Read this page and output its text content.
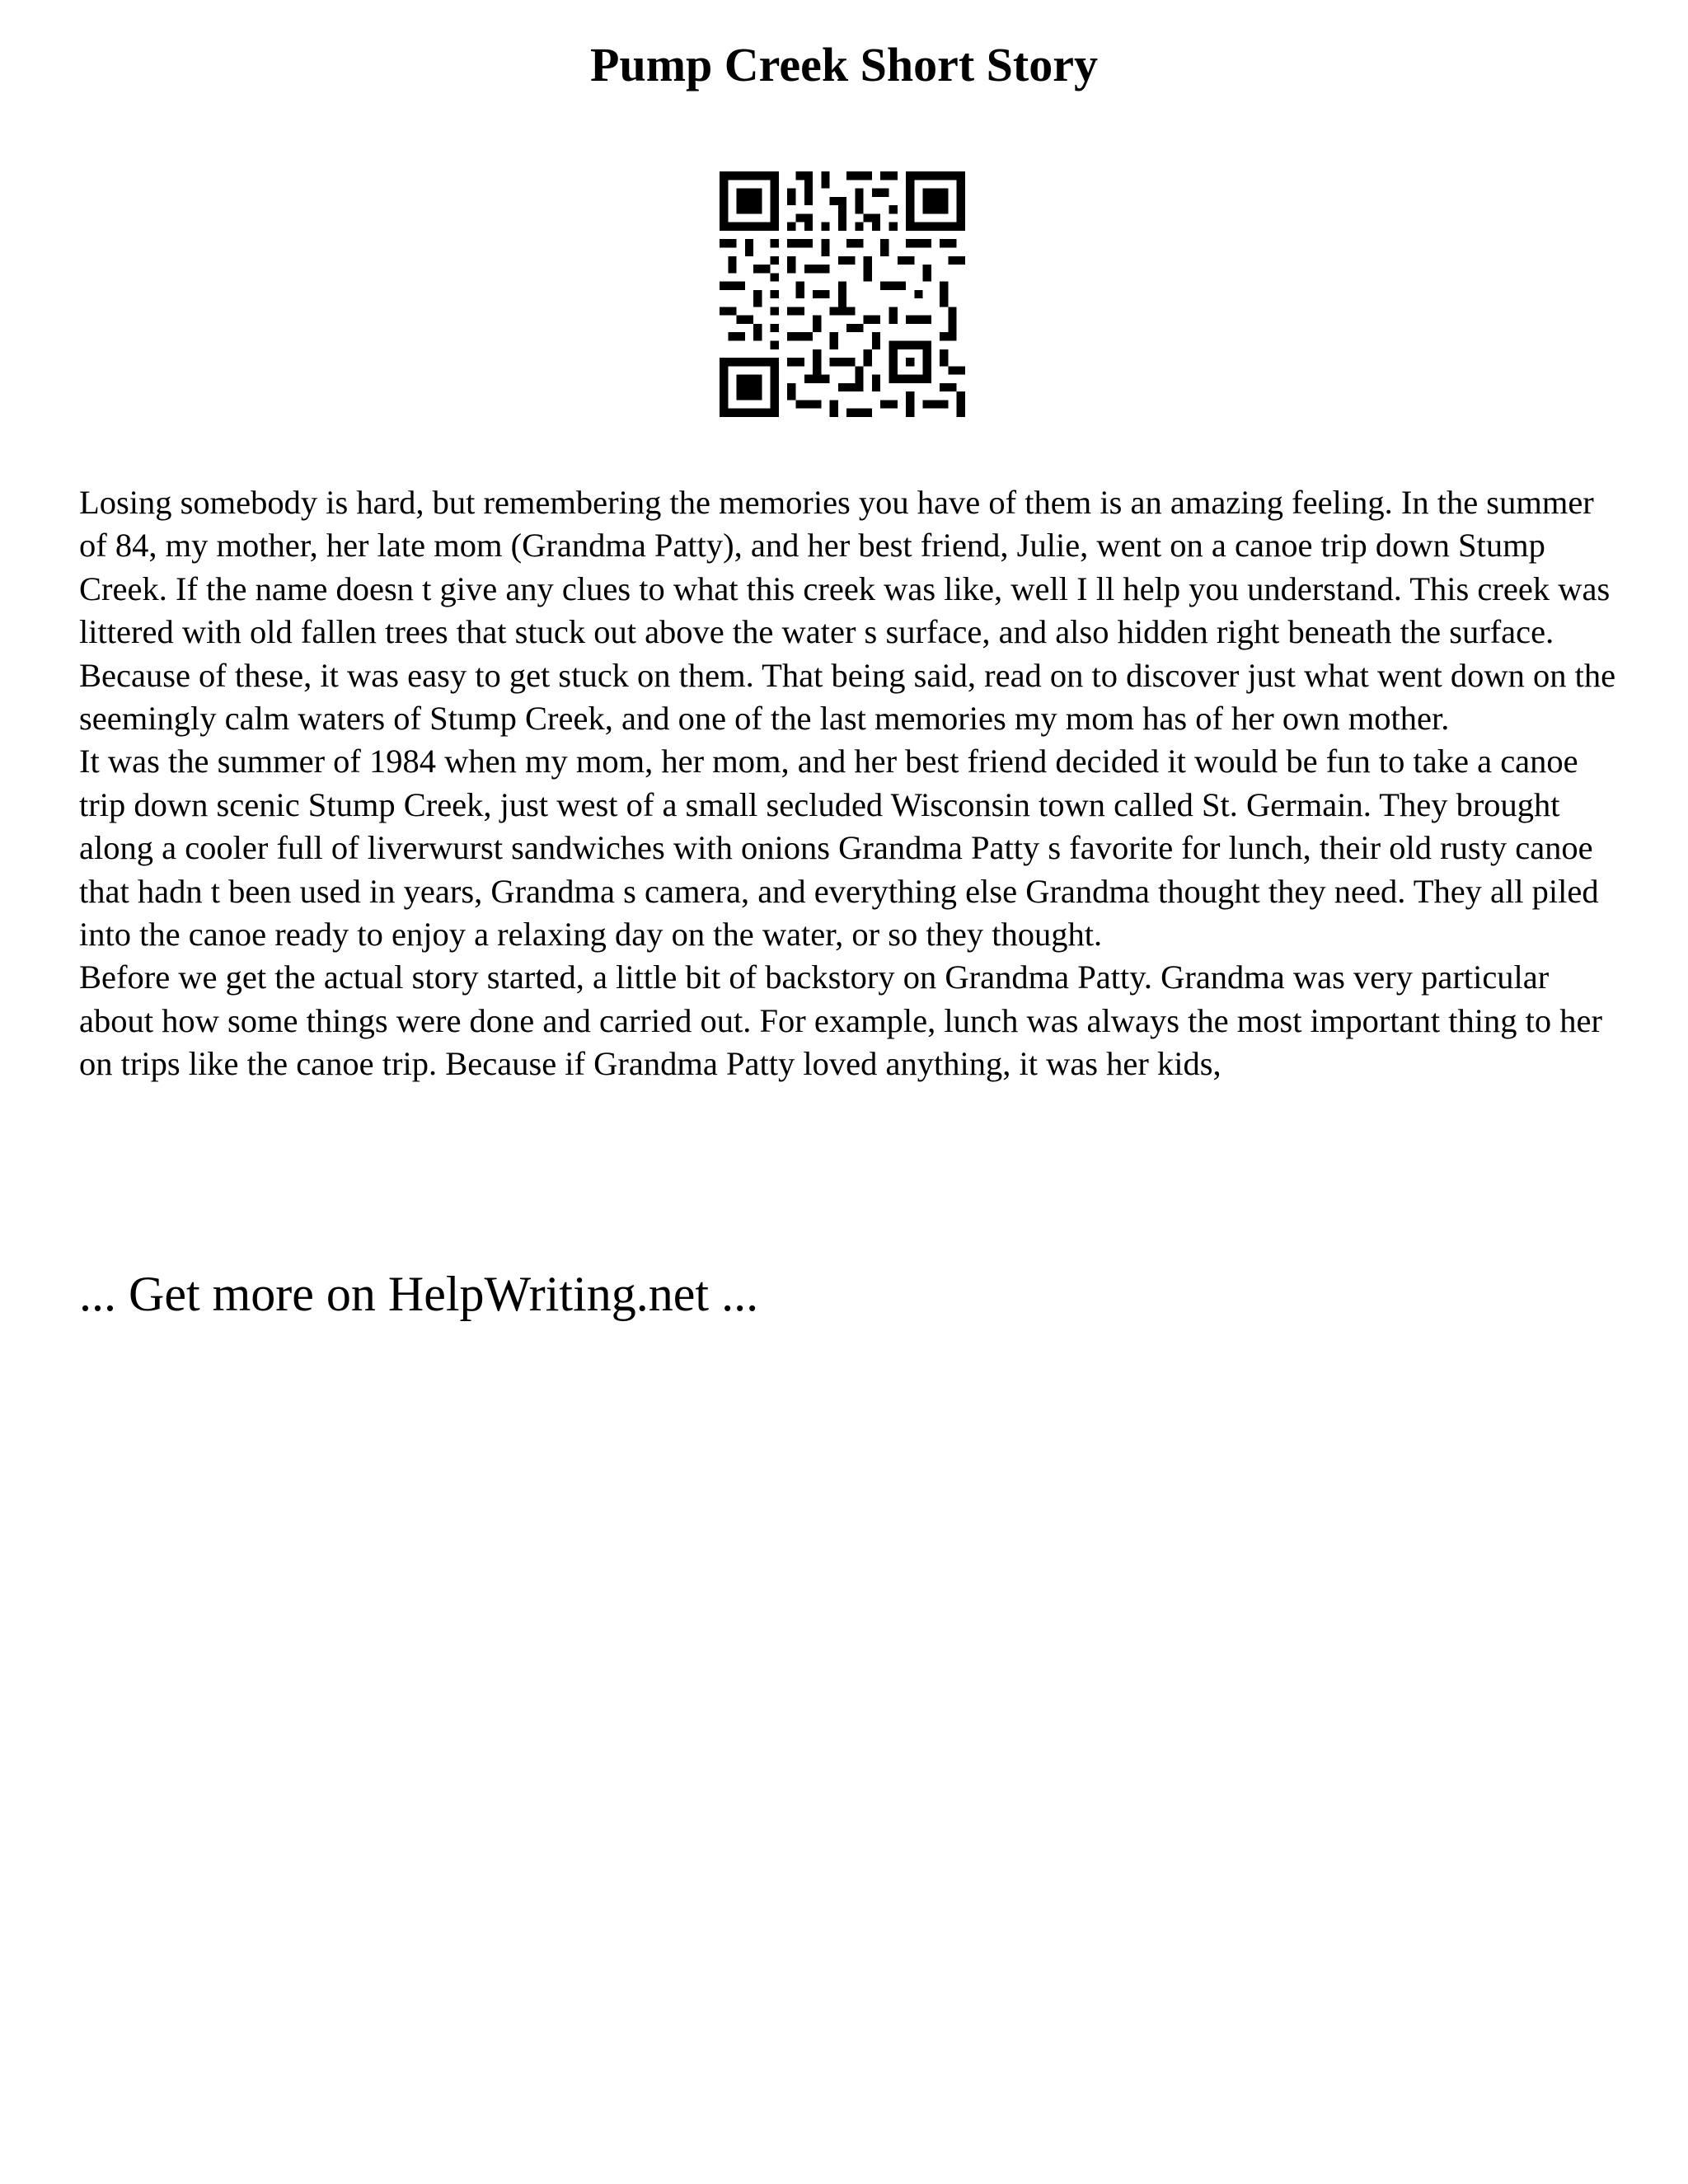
Pump Creek Short Story

Losing somebody is hard, but remembering the memories you have of them is an amazing feeling. In the summer of 84, my mother, her late mom (Grandma Patty), and her best friend, Julie, went on a canoe trip down Stump Creek. If the name doesn t give any clues to what this creek was like, well I ll help you understand. This creek was littered with old fallen trees that stuck out above the water s surface, and also hidden right beneath the surface. Because of these, it was easy to get stuck on them. That being said, read on to discover just what went down on the seemingly calm waters of Stump Creek, and one of the last memories my mom has of her own mother.

It was the summer of 1984 when my mom, her mom, and her best friend decided it would be fun to take a canoe trip down scenic Stump Creek, just west of a small secluded Wisconsin town called St. Germain. They brought along a cooler full of liverwurst sandwiches with onions Grandma Patty s favorite for lunch, their old rusty canoe that hadn t been used in years, Grandma s camera, and everything else Grandma thought they need. They all piled into the canoe ready to enjoy a relaxing day on the water, or so they thought.

Before we get the actual story started, a little bit of backstory on Grandma Patty. Grandma was very particular about how some things were done and carried out. For example, lunch was always the most important thing to her on trips like the canoe trip. Because if Grandma Patty loved anything, it was her kids,

... Get more on HelpWriting.net ...
